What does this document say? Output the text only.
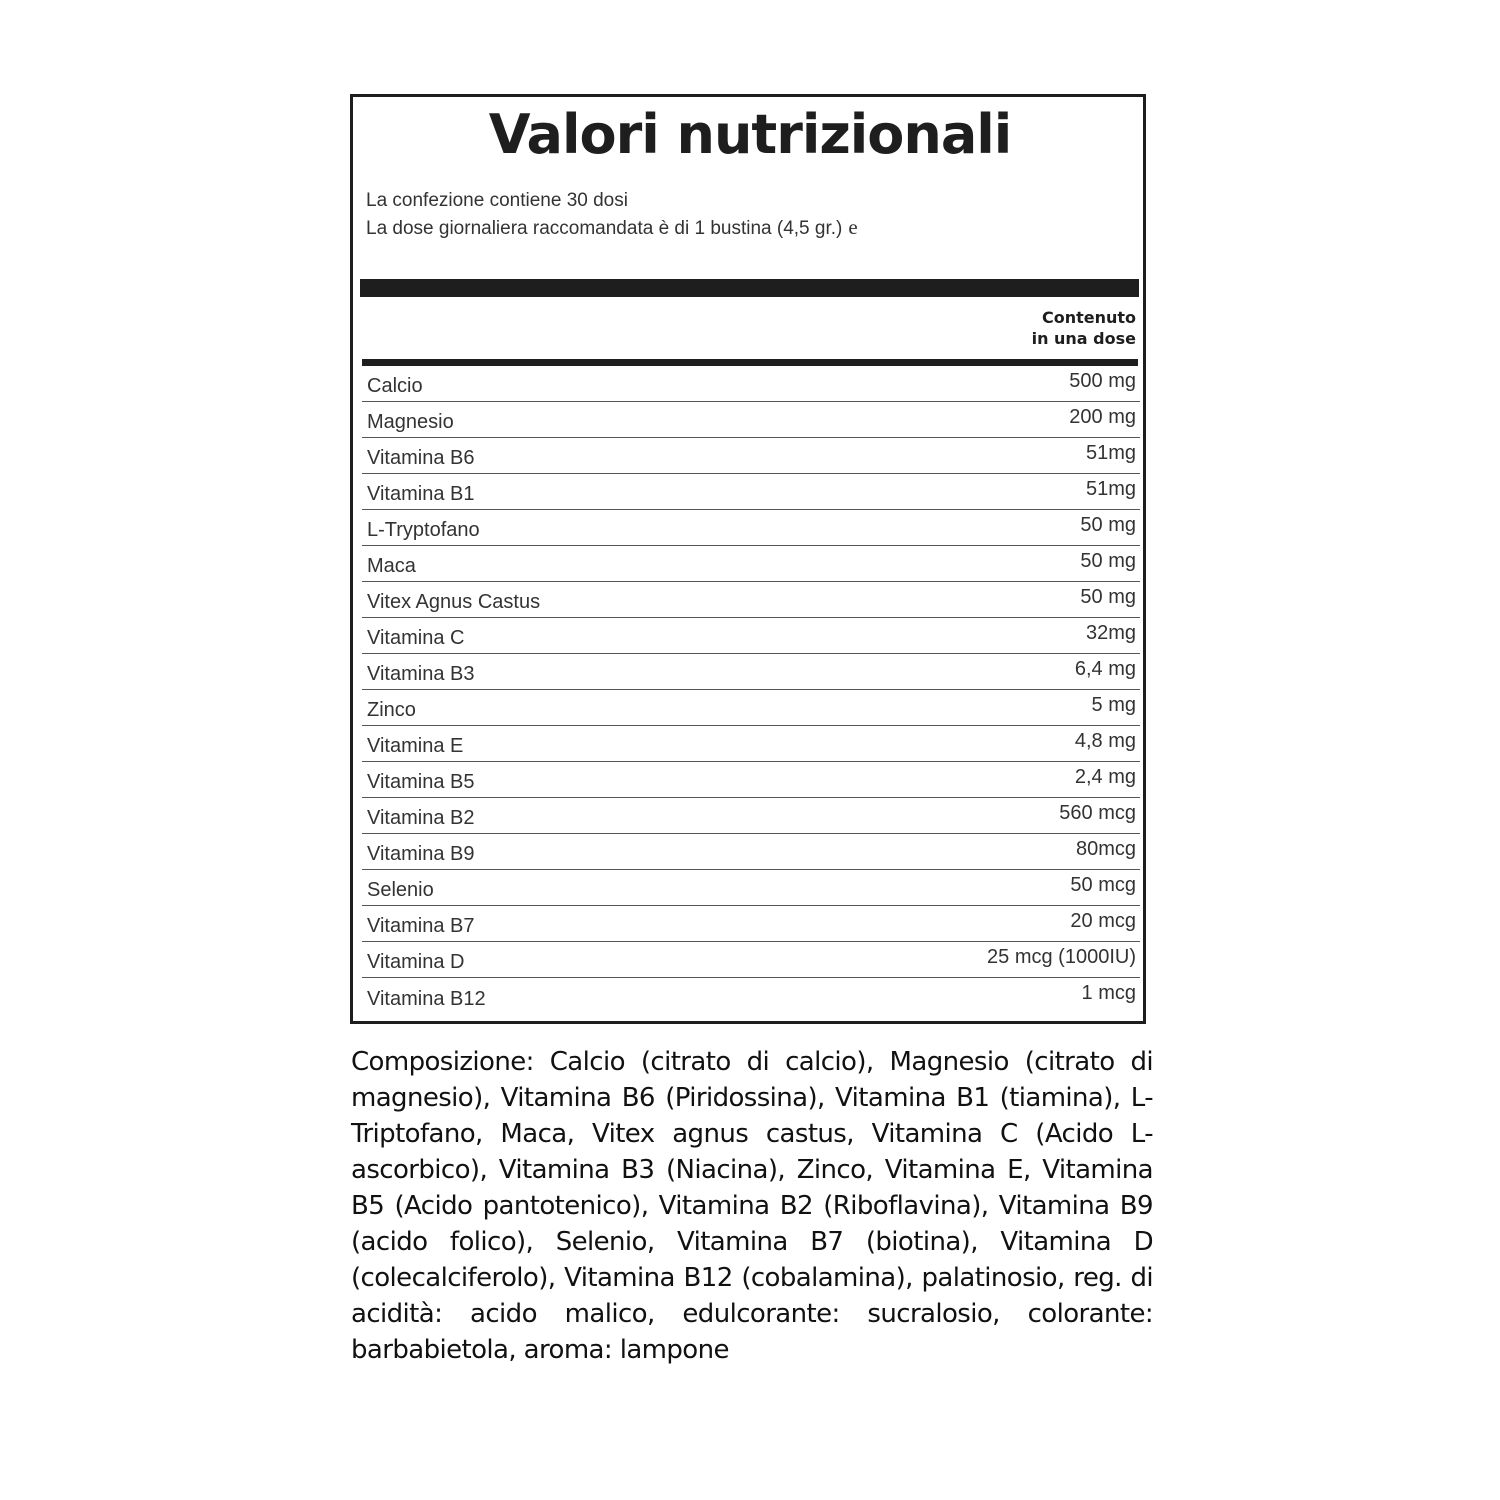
Valori nutrizionali
La confezione contiene 30 dosi
La dose giornaliera raccomandata è di 1 bustina (4,5 gr.) e
Contenuto
in una dose
Calcio	500 mg
Magnesio	200 mg
Vitamina B6	51mg
Vitamina B1	51mg
L-Tryptofano	50 mg
Maca	50 mg
Vitex Agnus Castus	50 mg
Vitamina C	32mg
Vitamina B3	6,4 mg
Zinco	5 mg
Vitamina E	4,8 mg
Vitamina B5	2,4 mg
Vitamina B2	560 mcg
Vitamina B9	80mcg
Selenio	50 mcg
Vitamina B7	20 mcg
Vitamina D	25 mcg (1000IU)
Vitamina B12	1 mcg
Composizione: Calcio (citrato di calcio), Magnesio (citrato di magnesio), Vitamina B6 (Piridossina), Vitamina B1 (tiamina), L-Triptofano, Maca, Vitex agnus castus, Vitamina C (Acido L-ascorbico), Vitamina B3 (Niacina), Zinco, Vitamina E, Vitamina B5 (Acido pantotenico), Vitamina B2 (Riboflavina), Vitamina B9 (acido folico), Selenio, Vitamina B7 (biotina), Vitamina D (colecalciferolo), Vitamina B12 (cobalamina), palatinosio, reg. di acidità: acido malico, edulcorante: sucralosio, colorante: barbabietola, aroma: lampone
